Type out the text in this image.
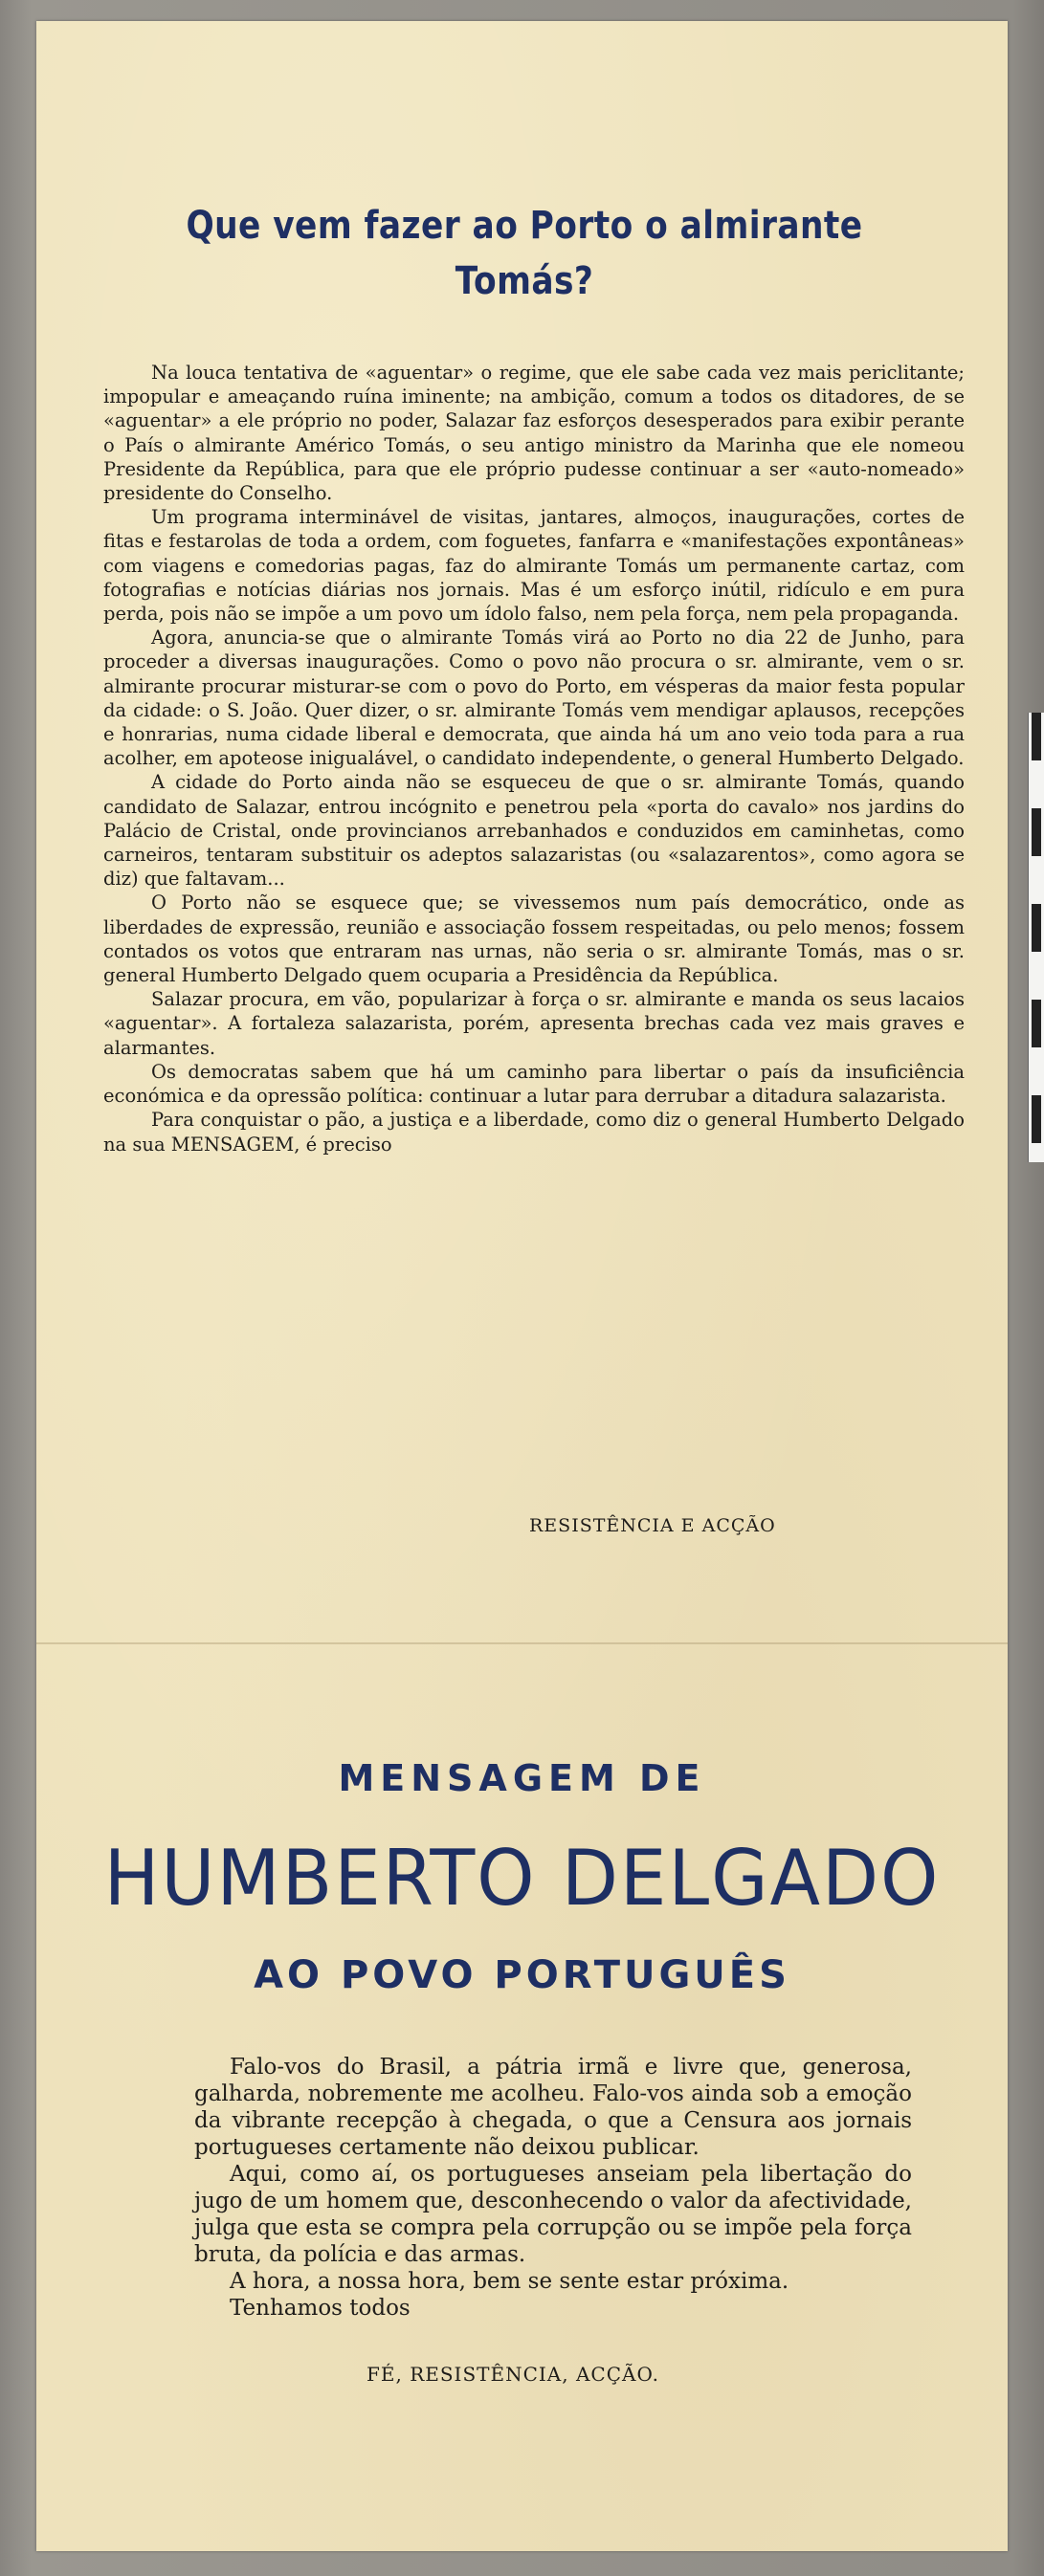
Que vem fazer ao Porto o almirante Tomás?

Na louca tentativa de «aguentar» o regime, que ele sabe cada vez mais periclitante; impopular e ameaçando ruína iminente; na ambição, comum a todos os ditadores, de se «aguentar» a ele próprio no poder, Salazar faz esforços desesperados para exibir perante o País o almirante Américo Tomás, o seu antigo ministro da Marinha que ele nomeou Presidente da República, para que ele próprio pudesse continuar a ser «auto-nomeado» presidente do Conselho.

Um programa interminável de visitas, jantares, almoços, inaugurações, cortes de fitas e festarolas de toda a ordem, com foguetes, fanfarra e «manifestações expontâneas» com viagens e comedorias pagas, faz do almirante Tomás um permanente cartaz, com fotografias e notícias diárias nos jornais. Mas é um esforço inútil, ridículo e em pura perda, pois não se impõe a um povo um ídolo falso, nem pela força, nem pela propaganda.

Agora, anuncia-se que o almirante Tomás virá ao Porto no dia 22 de Junho, para proceder a diversas inaugurações. Como o povo não procura o sr. almirante, vem o sr. almirante procurar misturar-se com o povo do Porto, em vésperas da maior festa popular da cidade: o S. João. Quer dizer, o sr. almirante Tomás vem mendigar aplausos, recepções e honrarias, numa cidade liberal e democrata, que ainda há um ano veio toda para a rua acolher, em apoteose inigualável, o candidato independente, o general Humberto Delgado.

A cidade do Porto ainda não se esqueceu de que o sr. almirante Tomás, quando candidato de Salazar, entrou incógnito e penetrou pela «porta do cavalo» nos jardins do Palácio de Cristal, onde provincianos arrebanhados e conduzidos em caminhetas, como carneiros, tentaram substituir os adeptos salazaristas (ou «salazarentos», como agora se diz) que faltavam...

O Porto não se esquece que; se vivessemos num país democrático, onde as liberdades de expressão, reunião e associação fossem respeitadas, ou pelo menos; fossem contados os votos que entraram nas urnas, não seria o sr. almirante Tomás, mas o sr. general Humberto Delgado quem ocuparia a Presidência da República.

Salazar procura, em vão, popularizar à força o sr. almirante e manda os seus lacaios «aguentar». A fortaleza salazarista, porém, apresenta brechas cada vez mais graves e alarmantes.

Os democratas sabem que há um caminho para libertar o país da insuficiência económica e da opressão política: continuar a lutar para derrubar a ditadura salazarista.

Para conquistar o pão, a justiça e a liberdade, como diz o general Humberto Delgado na sua MENSAGEM, é preciso

RESISTÊNCIA E ACÇÃO
MENSAGEM DE
HUMBERTO DELGADO
AO POVO PORTUGUÊS

Falo-vos do Brasil, a pátria irmã e livre que, generosa, galharda, nobremente me acolheu. Falo-vos ainda sob a emoção da vibrante recepção à chegada, o que a Censura aos jornais portugueses certamente não deixou publicar.

Aqui, como aí, os portugueses anseiam pela libertação do jugo de um homem que, desconhecendo o valor da afectividade, julga que esta se compra pela corrupção ou se impõe pela força bruta, da polícia e das armas.

A hora, a nossa hora, bem se sente estar próxima.

Tenhamos todos

FÉ, RESISTÊNCIA, ACÇÃO.
